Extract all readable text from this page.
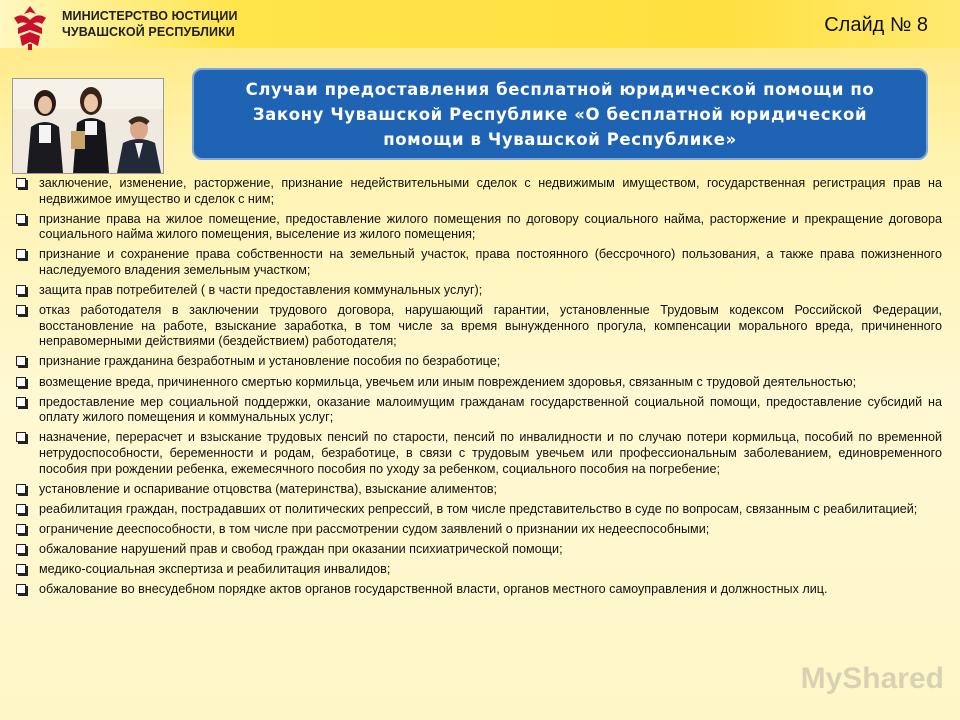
МИНИСТЕРСТВО ЮСТИЦИИ
ЧУВАШСКОЙ РЕСПУБЛИКИ	Слайд № 8
Случаи предоставления бесплатной юридической помощи по Закону Чувашской Республике «О бесплатной юридической помощи в Чувашской Республике»
заключение, изменение, расторжение, признание недействительными сделок с недвижимым имуществом, государственная регистрация прав на недвижимое имущество и сделок с ним;
признание права на жилое помещение, предоставление жилого помещения по договору социального найма, расторжение и прекращение договора социального найма жилого помещения, выселение из жилого помещения;
признание и сохранение права собственности на земельный участок, права постоянного (бессрочного) пользования, а также права пожизненного наследуемого владения земельным участком;
защита прав потребителей ( в части предоставления коммунальных услуг);
отказ работодателя в заключении трудового договора, нарушающий гарантии, установленные Трудовым кодексом Российской Федерации, восстановление на работе, взыскание заработка, в том числе за время вынужденного прогула, компенсации морального вреда, причиненного неправомерными действиями (бездействием) работодателя;
признание гражданина безработным и установление пособия по безработице;
возмещение вреда, причиненного смертью кормильца, увечьем или иным повреждением здоровья, связанным с трудовой деятельностью;
предоставление мер социальной поддержки, оказание малоимущим гражданам государственной социальной помощи, предоставление субсидий на оплату жилого помещения и коммунальных услуг;
назначение, перерасчет и взыскание трудовых пенсий по старости, пенсий по инвалидности и по случаю потери кормильца, пособий по временной нетрудоспособности, беременности и родам, безработице, в связи с трудовым увечьем или профессиональным заболеванием, единовременного пособия при рождении ребенка, ежемесячного пособия по уходу за ребенком, социального пособия на погребение;
установление и оспаривание отцовства (материнства), взыскание алиментов;
реабилитация граждан, пострадавших от политических репрессий, в том числе представительство в суде по вопросам, связанным с реабилитацией;
ограничение дееспособности, в том числе при рассмотрении судом заявлений о признании их недееспособными;
обжалование нарушений прав и свобод граждан при оказании психиатрической помощи;
медико-социальная экспертиза и реабилитация инвалидов;
обжалование во внесудебном порядке актов органов государственной власти, органов местного самоуправления и должностных лиц.
MyShared
